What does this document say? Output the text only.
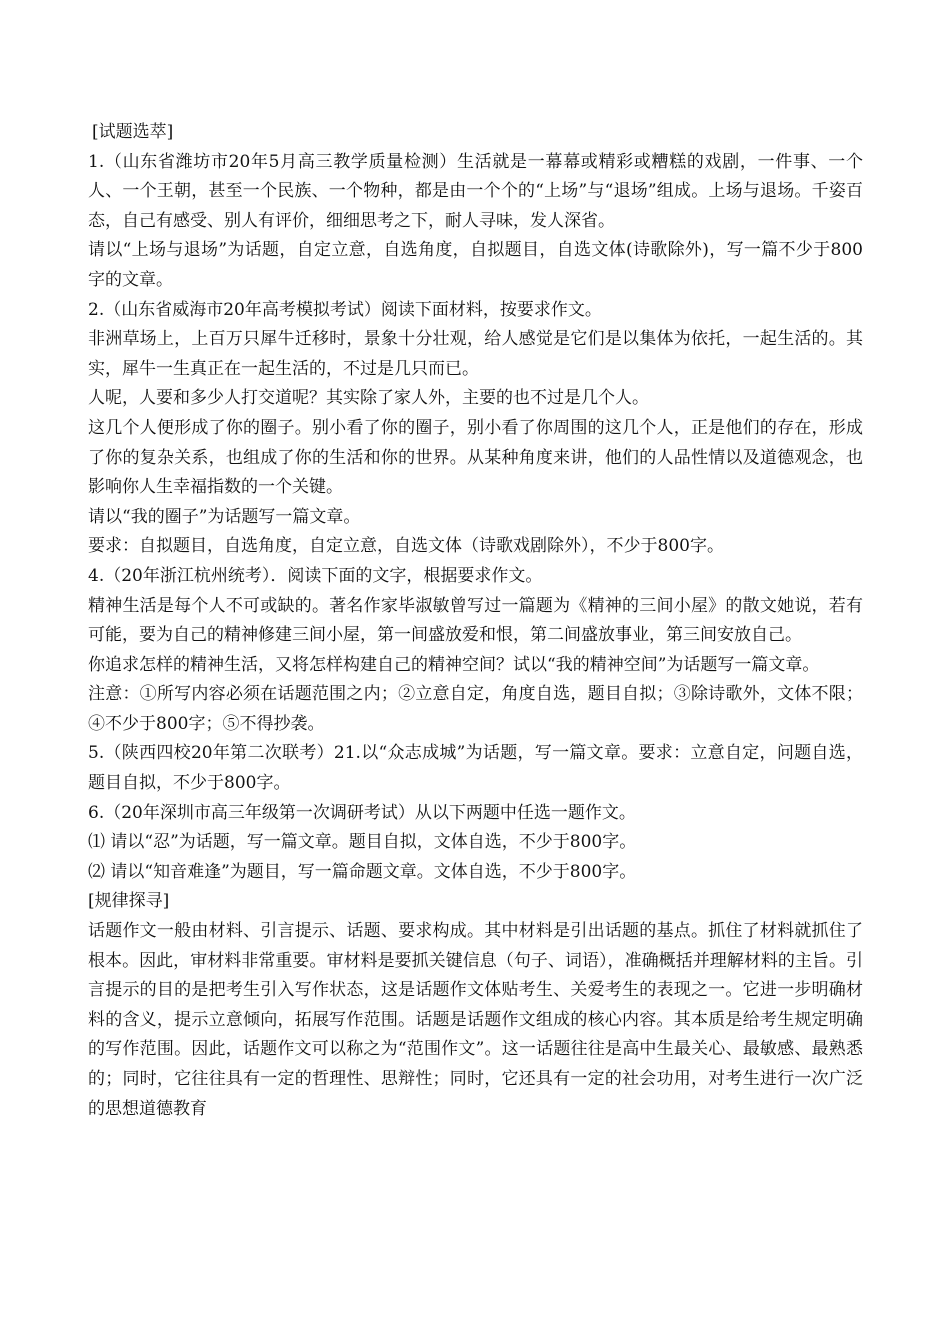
[试题选萃]

1.（山东省潍坊市20年5月高三教学质量检测）生活就是一幕幕或精彩或糟糕的戏剧，一件事、一个人、一个王朝，甚至一个民族、一个物种，都是由一个个的“上场”与“退场”组成。上场与退场。千姿百态，自己有感受、别人有评价，细细思考之下，耐人寻味，发人深省。

请以“上场与退场”为话题，自定立意，自选角度，自拟题目，自选文体(诗歌除外)，写一篇不少于800字的文章。

2.（山东省威海市20年高考模拟考试）阅读下面材料，按要求作文。

非洲草场上，上百万只犀牛迁移时，景象十分壮观，给人感觉是它们是以集体为依托，一起生活的。其实，犀牛一生真正在一起生活的，不过是几只而已。

人呢，人要和多少人打交道呢？其实除了家人外，主要的也不过是几个人。

这几个人便形成了你的圈子。别小看了你的圈子，别小看了你周围的这几个人，正是他们的存在，形成了你的复杂关系，也组成了你的生活和你的世界。从某种角度来讲，他们的人品性情以及道德观念，也影响你人生幸福指数的一个关键。

请以“我的圈子”为话题写一篇文章。

要求：自拟题目，自选角度，自定立意，自选文体（诗歌戏剧除外），不少于800字。

4.（20年浙江杭州统考）．阅读下面的文字，根据要求作文。

精神生活是每个人不可或缺的。著名作家毕淑敏曾写过一篇题为《精神的三间小屋》的散文她说，若有可能，要为自己的精神修建三间小屋，第一间盛放爱和恨，第二间盛放事业，第三间安放自己。

你追求怎样的精神生活，又将怎样构建自己的精神空间？试以“我的精神空间”为话题写一篇文章。

注意：①所写内容必须在话题范围之内；②立意自定，角度自选，题目自拟；③除诗歌外，文体不限；④不少于800字；⑤不得抄袭。

5.（陕西四校20年第二次联考）21.以“众志成城”为话题，写一篇文章。要求：立意自定，问题自选，题目自拟，不少于800字。

6.（20年深圳市高三年级第一次调研考试）从以下两题中任选一题作文。

⑴ 请以“忍”为话题，写一篇文章。题目自拟，文体自选，不少于800字。

⑵ 请以“知音难逢”为题目，写一篇命题文章。文体自选，不少于800字。

[规律探寻]

话题作文一般由材料、引言提示、话题、要求构成。其中材料是引出话题的基点。抓住了材料就抓住了根本。因此，审材料非常重要。审材料是要抓关键信息（句子、词语），准确概括并理解材料的主旨。引言提示的目的是把考生引入写作状态，这是话题作文体贴考生、关爱考生的表现之一。它进一步明确材料的含义，提示立意倾向，拓展写作范围。话题是话题作文组成的核心内容。其本质是给考生规定明确的写作范围。因此，话题作文可以称之为“范围作文”。这一话题往往是高中生最关心、最敏感、最熟悉的；同时，它往往具有一定的哲理性、思辩性；同时，它还具有一定的社会功用，对考生进行一次广泛的思想道德教育
